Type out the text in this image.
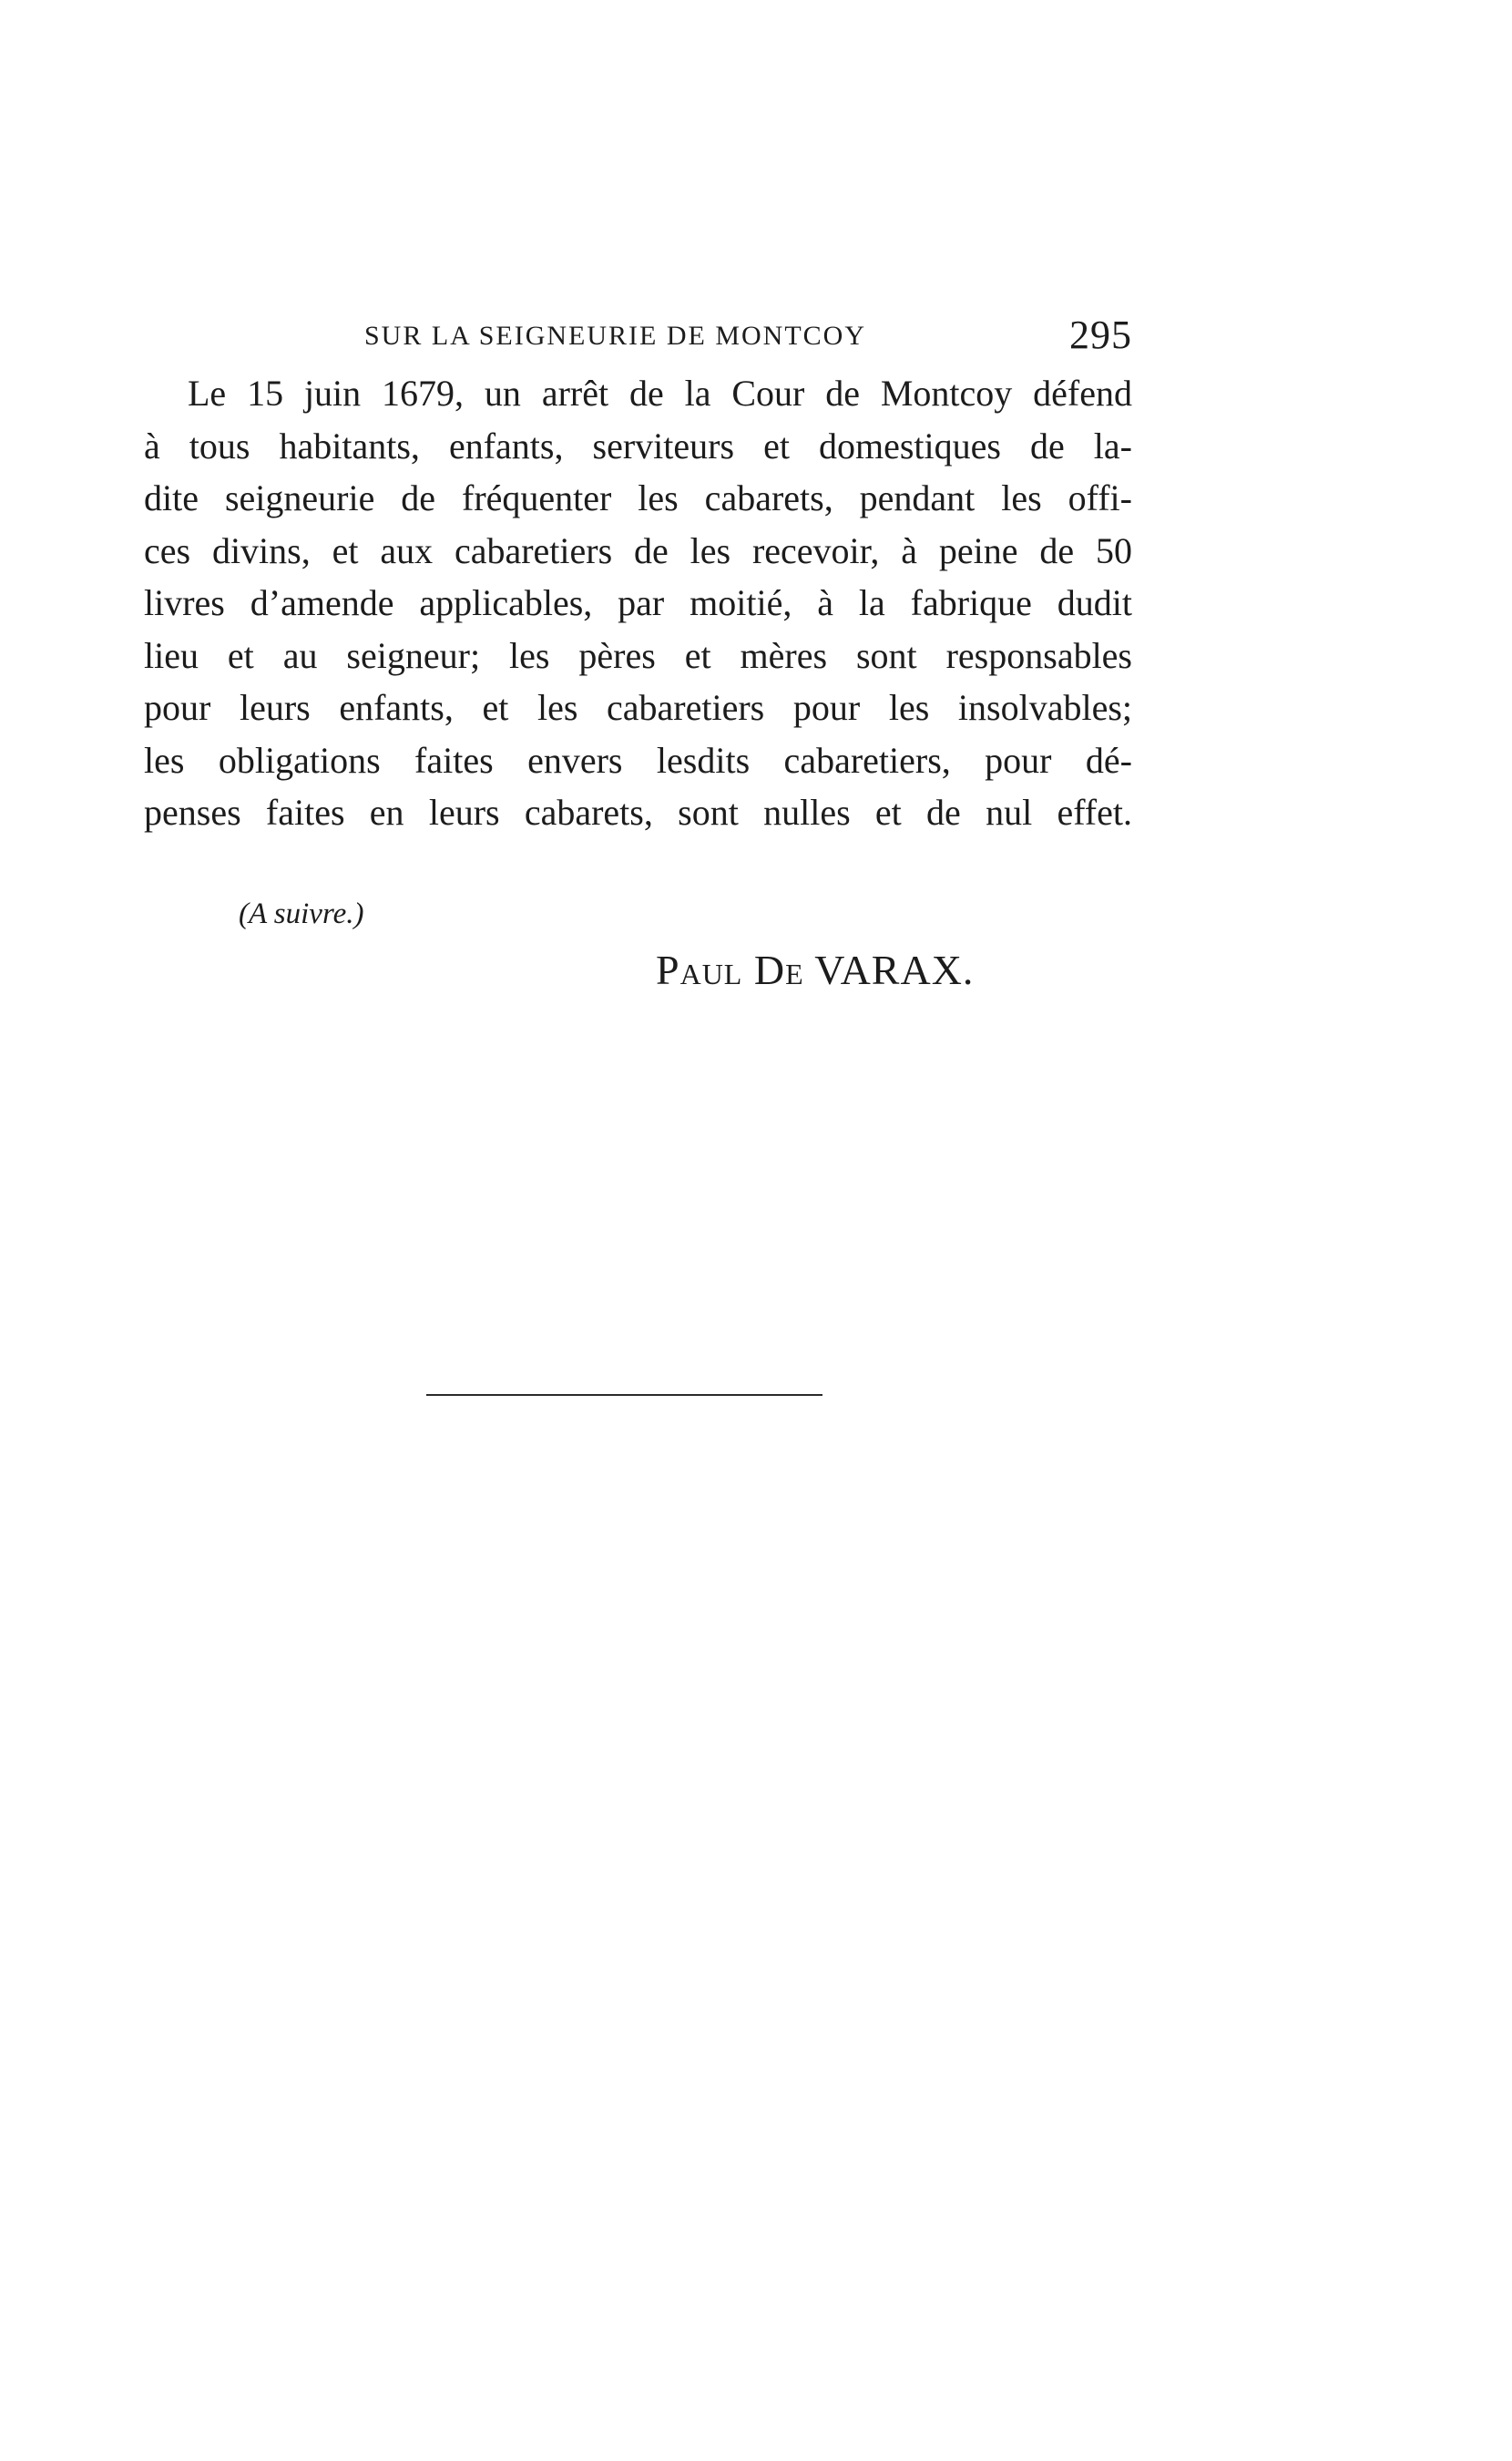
SUR LA SEIGNEURIE DE MONTCOY	295
Le 15 juin 1679, un arrêt de la Cour de Montcoy défend
à tous habitants, enfants, serviteurs et domestiques de la-
dite seigneurie de fréquenter les cabarets, pendant les offi-
ces divins, et aux cabaretiers de les recevoir, à peine de 50
livres d’amende applicables, par moitié, à la fabrique dudit
lieu et au seigneur; les pères et mères sont responsables
pour leurs enfants, et les cabaretiers pour les insolvables;
les obligations faites envers lesdits cabaretiers, pour dé-
penses faites en leurs cabarets, sont nulles et de nul effet.
(A suivre.)
Paul De VARAX.
